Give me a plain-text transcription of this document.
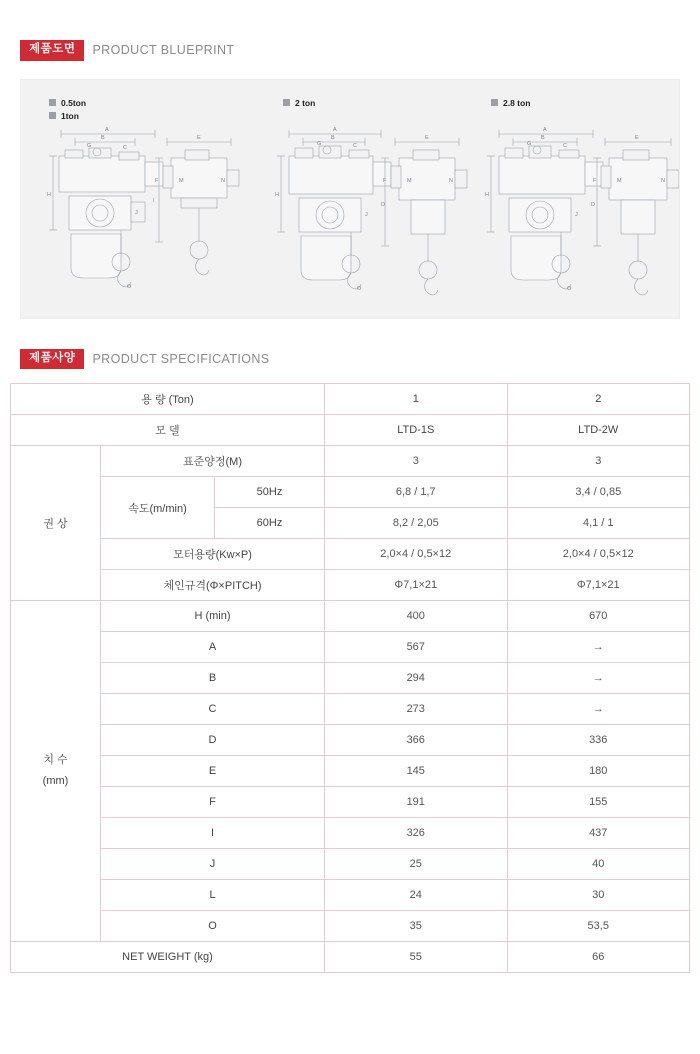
제품도면	PRODUCT BLUEPRINT
0.5ton
1ton
A
B
C
G
H
I
E
F
J
M	N
O
2 ton
A
B
C
G
H
D
E
F
J
M	N
O
2.8 ton
A
B
C
G
H
D
E
F
J
M	N
O
제품사양	PRODUCT SPECIFICATIONS
용 량 (Ton)			1	2
모 델			LTD-1S	LTD-2W
권 상	표준양정(M)		3	3
	속도(m/min)	50Hz	6,8 / 1,7	3,4 / 0,85
		60Hz	8,2 / 2,05	4,1 / 1
	모터용량(Kw×P)		2,0×4 / 0,5×12	2,0×4 / 0,5×12
	체인규격(Φ×PITCH)		Φ7,1×21	Φ7,1×21

치 수
(mm)	H (min)		400	670
	A		567	→
	B		294	→
	C		273	→
	D		366	336
	E		145	180
	F		191	155
	I		326	437
	J		25	40
	L		24	30
	O		35	53,5
NET WEIGHT (kg)			55	66
